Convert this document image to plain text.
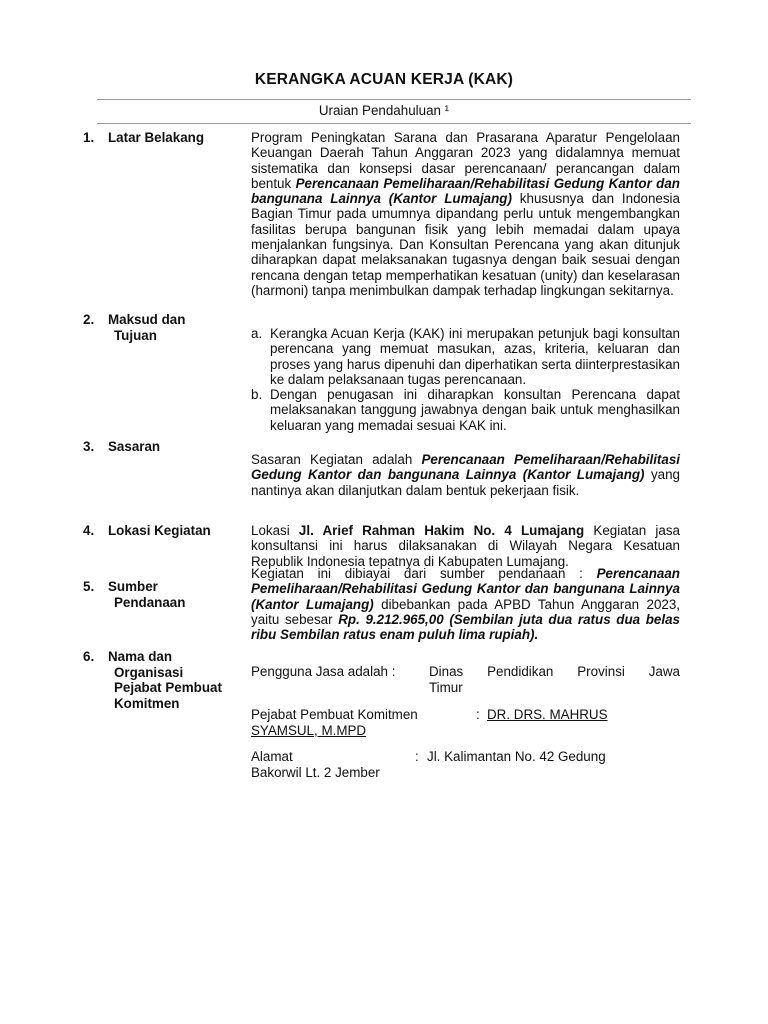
KERANGKA ACUAN KERJA (KAK)
Uraian Pendahuluan ¹
1. Latar Belakang	Program Peningkatan Sarana dan Prasarana Aparatur Pengelolaan Keuangan Daerah Tahun Anggaran 2023 yang didalamnya memuat sistematika dan konsepsi dasar perencanaan/ perancangan dalam bentuk Perencanaan Pemeliharaan/Rehabilitasi Gedung Kantor dan bangunana Lainnya (Kantor Lumajang) khususnya dan Indonesia Bagian Timur pada umumnya dipandang perlu untuk mengembangkan fasilitas berupa bangunan fisik yang lebih memadai dalam upaya menjalankan fungsinya. Dan Konsultan Perencana yang akan ditunjuk diharapkan dapat melaksanakan tugasnya dengan baik sesuai dengan rencana dengan tetap memperhatikan kesatuan (unity) dan keselarasan (harmoni) tanpa menimbulkan dampak terhadap lingkungan sekitarnya.

2. Maksud dan
Tujuan	a. Kerangka Acuan Kerja (KAK) ini merupakan petunjuk bagi konsultan perencana yang memuat masukan, azas, kriteria, keluaran dan proses yang harus dipenuhi dan diperhatikan serta diinterprestasikan ke dalam pelaksanaan tugas perencanaan.
b. Dengan penugasan ini diharapkan konsultan Perencana dapat melaksanakan tanggung jawabnya dengan baik untuk menghasilkan keluaran yang memadai sesuai KAK ini.
3. Sasaran

Sasaran Kegiatan adalah Perencanaan Pemeliharaan/Rehabilitasi Gedung Kantor dan bangunana Lainnya (Kantor Lumajang) yang nantinya akan dilanjutkan dalam bentuk pekerjaan fisik.

4. Lokasi Kegiatan	Lokasi Jl. Arief Rahman Hakim No. 4 Lumajang Kegiatan jasa konsultansi ini harus dilaksanakan di Wilayah Negara Kesatuan Republik Indonesia tepatnya di Kabupaten Lumajang.

5. Sumber
Pendanaan

Kegiatan ini dibiayai dari sumber pendanaan : Perencanaan Pemeliharaan/Rehabilitasi Gedung Kantor dan bangunana Lainnya (Kantor Lumajang) dibebankan pada APBD Tahun Anggaran 2023, yaitu sebesar Rp. 9.212.965,00 (Sembilan juta dua ratus dua belas ribu Sembilan ratus enam puluh lima rupiah).

6. Nama dan
Organisasi
Pejabat Pembuat
Komitmen
Pengguna Jasa adalah :	Dinas Pendidikan Provinsi Jawa
Timur
Pejabat Pembuat Komitmen	: DR. DRS. MAHRUS SYAMSUL, M.MPD
Alamat	: Jl. Kalimantan No. 42 Gedung Bakorwil Lt. 2 Jember
